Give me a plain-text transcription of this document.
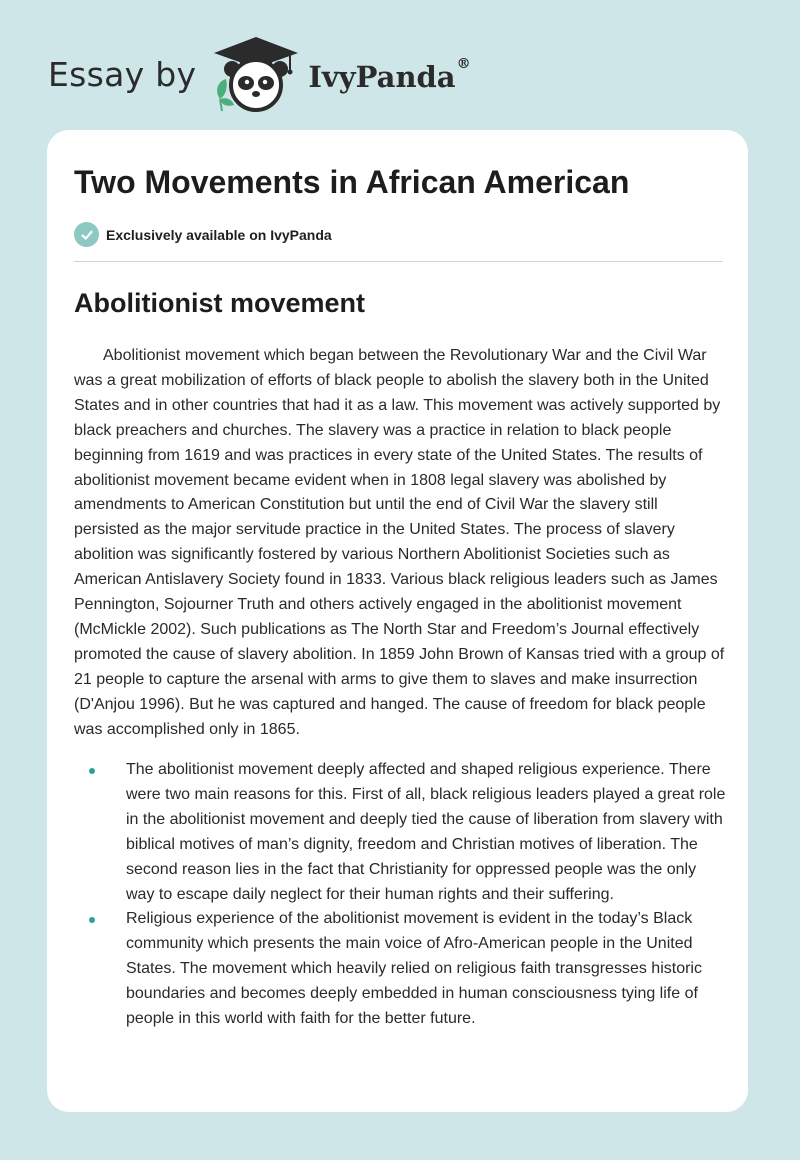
Essay by	IvyPanda®
Two Movements in African American
Exclusively available on IvyPanda
Abolitionist movement

Abolitionist movement which began between the Revolutionary War and the Civil War was a great mobilization of efforts of black people to abolish the slavery both in the United States and in other countries that had it as a law. This movement was actively supported by black preachers and churches. The slavery was a practice in relation to black people beginning from 1619 and was practices in every state of the United States. The results of abolitionist movement became evident when in 1808 legal slavery was abolished by amendments to American Constitution but until the end of Civil War the slavery still persisted as the major servitude practice in the United States. The process of slavery abolition was significantly fostered by various Northern Abolitionist Societies such as American Antislavery Society found in 1833. Various black religious leaders such as James Pennington, Sojourner Truth and others actively engaged in the abolitionist movement (McMickle 2002). Such publications as The North Star and Freedom’s Journal effectively promoted the cause of slavery abolition. In 1859 John Brown of Kansas tried with a group of 21 people to capture the arsenal with arms to give them to slaves and make insurrection (D'Anjou 1996). But he was captured and hanged. The cause of freedom for black people was accomplished only in 1865.

The abolitionist movement deeply affected and shaped religious experience. There were two main reasons for this. First of all, black religious leaders played a great role in the abolitionist movement and deeply tied the cause of liberation from slavery with biblical motives of man’s dignity, freedom and Christian motives of liberation. The second reason lies in the fact that Christianity for oppressed people was the only way to escape daily neglect for their human rights and their suffering.
Religious experience of the abolitionist movement is evident in the today’s Black community which presents the main voice of Afro-American people in the United States. The movement which heavily relied on religious faith transgresses historic boundaries and becomes deeply embedded in human consciousness tying life of people in this world with faith for the better future.
